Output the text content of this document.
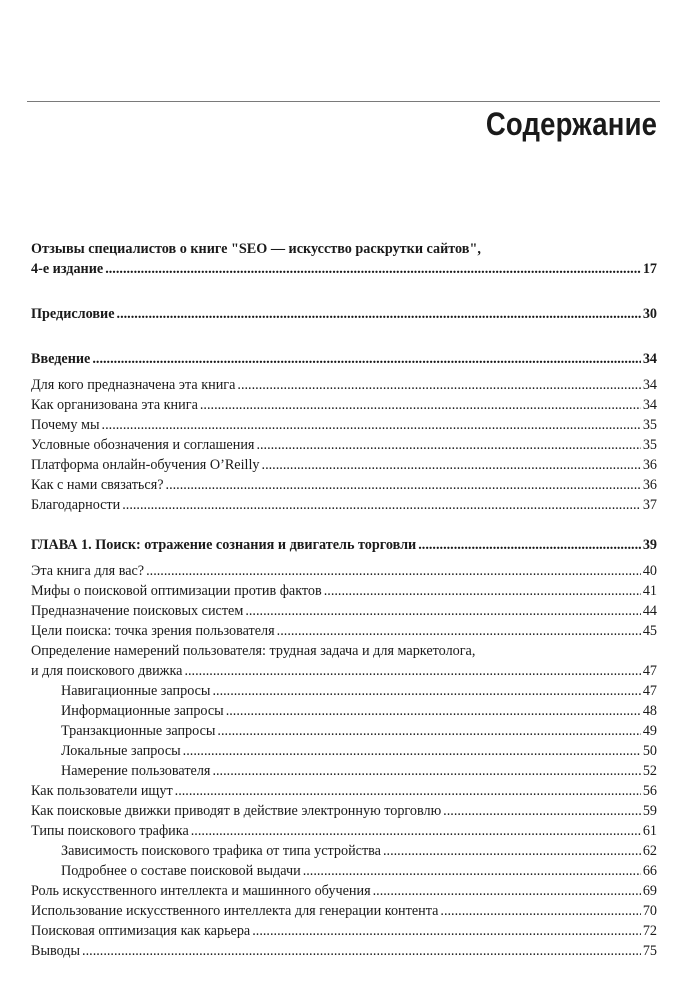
Содержание
Отзывы специалистов о книге "SEO — искусство раскрутки сайтов",
4-е издание .....	17
Предисловие .....	30
Введение .....	34
Для кого предназначена эта книга .....	34
Как организована эта книга .....	34
Почему мы .....	35
Условные обозначения и соглашения .....	35
Платформа онлайн-обучения O’Reilly .....	36
Как с нами связаться? .....	36
Благодарности .....	37
ГЛАВА 1. Поиск: отражение сознания и двигатель торговли .....	39
Эта книга для вас? .....	40
Мифы о поисковой оптимизации против фактов .....	41
Предназначение поисковых систем .....	44
Цели поиска: точка зрения пользователя .....	45
Определение намерений пользователя: трудная задача и для маркетолога,
и для поискового движка .....	47
Навигационные запросы .....	47
Информационные запросы .....	48
Транзакционные запросы .....	49
Локальные запросы .....	50
Намерение пользователя .....	52
Как пользователи ищут .....	56
Как поисковые движки приводят в действие электронную торговлю .....	59
Типы поискового трафика .....	61
Зависимость поискового трафика от типа устройства .....	62
Подробнее о составе поисковой выдачи .....	66
Роль искусственного интеллекта и машинного обучения .....	69
Использование искусственного интеллекта для генерации контента .....	70
Поисковая оптимизация как карьера .....	72
Выводы .....	75
